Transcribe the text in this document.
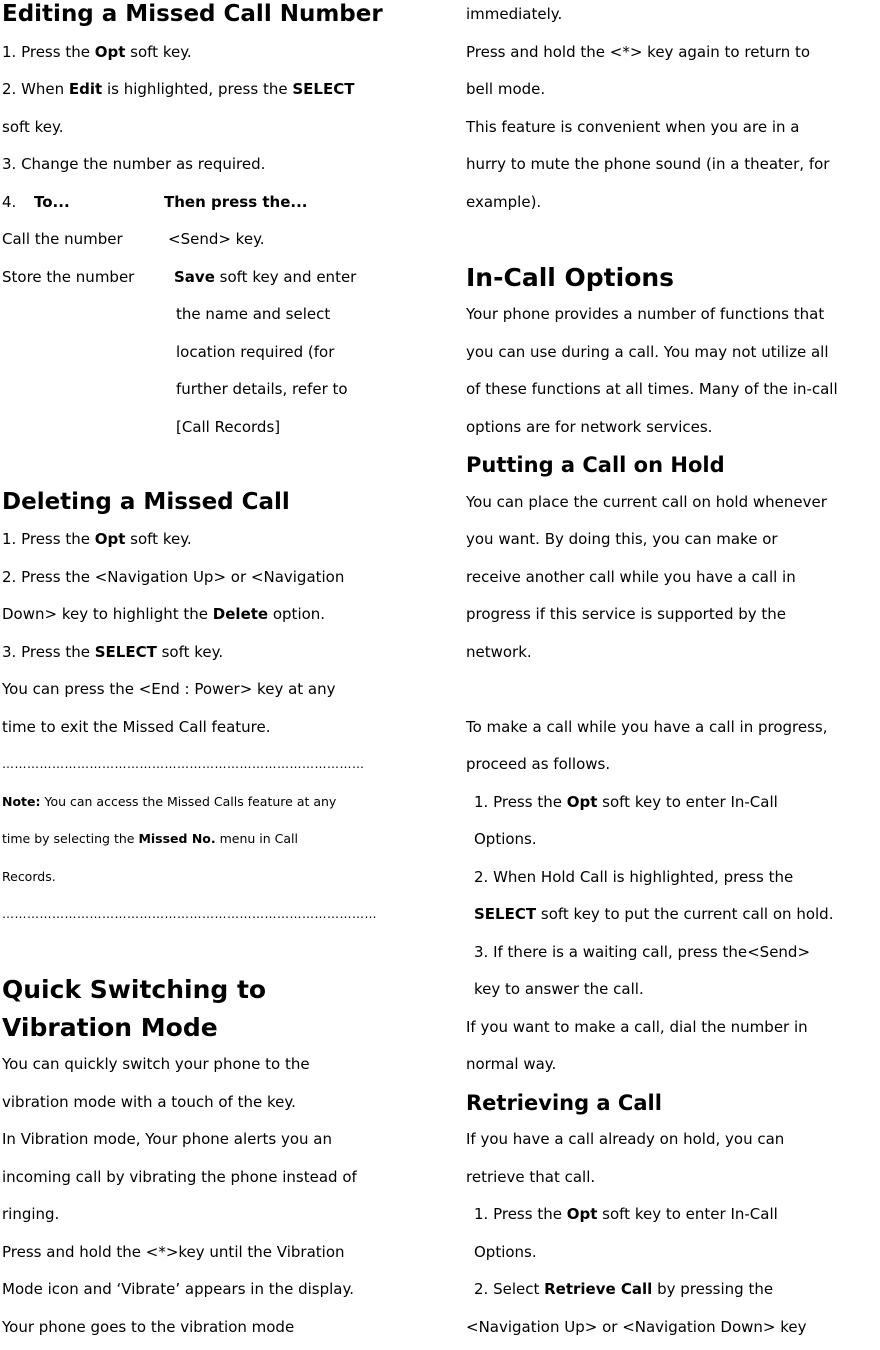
Editing a Missed Call Number
1. Press the Opt soft key.
2. When Edit is highlighted, press the SELECT
soft key.
3. Change the number as required.
4. To...	Then press the...
Call the number	<Send> key.
Store the number	Save soft key and enter
the name and select
location required (for
further details, refer to
[Call Records]
Deleting a Missed Call
1. Press the Opt soft key.
2. Press the <Navigation Up> or <Navigation
Down> key to highlight the Delete option.
3. Press the SELECT soft key.
You can press the <End : Power> key at any
time to exit the Missed Call feature.
……………………………………………………………………………
Note: You can access the Missed Calls feature at any
time by selecting the Missed No. menu in Call
Records.
………………………………………………………………………………
Quick Switching to
Vibration Mode
You can quickly switch your phone to the
vibration mode with a touch of the key.
In Vibration mode, Your phone alerts you an
incoming call by vibrating the phone instead of
ringing.
Press and hold the <*>key until the Vibration
Mode icon and ‘Vibrate’ appears in the display.
Your phone goes to the vibration mode
immediately.
Press and hold the <*> key again to return to
bell mode.
This feature is convenient when you are in a
hurry to mute the phone sound (in a theater, for
example).
In-Call Options
Your phone provides a number of functions that
you can use during a call. You may not utilize all
of these functions at all times. Many of the in-call
options are for network services.
Putting a Call on Hold
You can place the current call on hold whenever
you want. By doing this, you can make or
receive another call while you have a call in
progress if this service is supported by the
network.
To make a call while you have a call in progress,
proceed as follows.
1. Press the Opt soft key to enter In-Call
Options.
2. When Hold Call is highlighted, press the
SELECT soft key to put the current call on hold.
3. If there is a waiting call, press the<Send>
key to answer the call.
If you want to make a call, dial the number in
normal way.
Retrieving a Call
If you have a call already on hold, you can
retrieve that call.
1. Press the Opt soft key to enter In-Call
Options.
2. Select Retrieve Call by pressing the
<Navigation Up> or <Navigation Down> key
